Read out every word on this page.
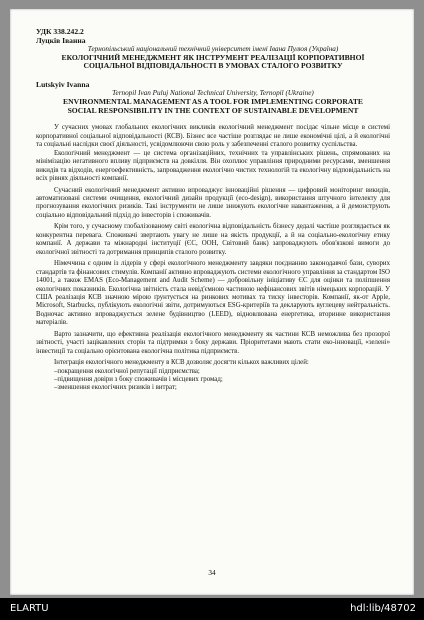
УДК 338.242.2
Луцків Іванна
Тернопільський національний технічний університет імені Івана Пулюя (Україна)
ЕКОЛОГІЧНИЙ МЕНЕДЖМЕНТ ЯК ІНСТРУМЕНТ РЕАЛІЗАЦІЇ КОРПОРАТИВНОЇ СОЦІАЛЬНОЇ ВІДПОВІДАЛЬНОСТІ В УМОВАХ СТАЛОГО РОЗВИТКУ
Lutskyiv Ivanna
Ternopil Ivan Puluj National Technical University, Ternopil (Ukraine)
ENVIRONMENTAL MANAGEMENT AS A TOOL FOR IMPLEMENTING CORPORATE SOCIAL RESPONSIBILITY IN THE CONTEXT OF SUSTAINABLE DEVELOPMENT

У сучасних умовах глобальних екологічних викликів екологічний менеджмент посідає чільне місце в системі корпоративної соціальної відповідальності (КСВ). Бізнес все частіше розглядає не лише економічні цілі, а й екологічні та соціальні наслідки своєї діяльності, усвідомлюючи свою роль у забезпеченні сталого розвитку суспільства.

Екологічний менеджмент — це система організаційних, технічних та управлінських рішень, спрямованих на мінімізацію негативного впливу підприємств на довкілля. Він охоплює управління природними ресурсами, зменшення викидів та відходів, енергоефективність, запровадження екологічно чистих технологій та екологічну відповідальність на всіх рівнях діяльності компанії.

Сучасний екологічний менеджмент активно впроваджує інноваційні рішення — цифровий моніторинг викидів, автоматизовані системи очищення, екологічний дизайн продукції (eco-design), використання штучного інтелекту для прогнозування екологічних ризиків. Такі інструменти не лише знижують екологічне навантаження, а й демонструють соціально відповідальний підхід до інвесторів і споживачів.

Крім того, у сучасному глобалізованому світі екологічна відповідальність бізнесу дедалі частіше розглядається як конкурентна перевага. Споживачі звертають увагу не лише на якість продукції, а й на соціально-екологічну етику компанії. А держави та міжнародні інституції (ЄС, ООН, Світовий банк) запроваджують обов'язкові вимоги до екологічної звітності та дотримання принципів сталого розвитку.

Німеччина є одним із лідерів у сфері екологічного менеджменту завдяки поєднанню законодавчої бази, суворих стандартів та фінансових стимулів. Компанії активно впроваджують системи екологічного управління за стандартом ISO 14001, а також EMAS (Eco-Management and Audit Scheme) — добровільну ініціативу ЄС для оцінки та поліпшення екологічних показників. Екологічна звітність стала невід'ємною частиною нефінансових звітів німецьких корпорацій. У США реалізація КСВ значною мірою ґрунтується на ринкових мотивах та тиску інвесторів. Компанії, як-от Apple, Microsoft, Starbucks, публікують екологічні звіти, дотримуються ESG-критеріїв та декларують вуглецеву нейтральність. Водночас активно впроваджується зелене будівництво (LEED), відновлювана енергетика, вторинне використання матеріалів.

Варто зазначити, що ефективна реалізація екологічного менеджменту як частини КСВ неможлива без прозорої звітності, участі зацікавлених сторін та підтримки з боку держави. Пріоритетами мають стати еко-інновації, «зелені» інвестиції та соціально орієнтована екологічна політика підприємств.

Інтеграція екологічного менеджменту в КСВ дозволяє досягти кількох важливих цілей:

–покращення екологічної репутації підприємства;

–підвищення довіри з боку споживачів і місцевих громад;

–зменшення екологічних ризиків і витрат;

34
ELARTU	hdl:lib/48702
